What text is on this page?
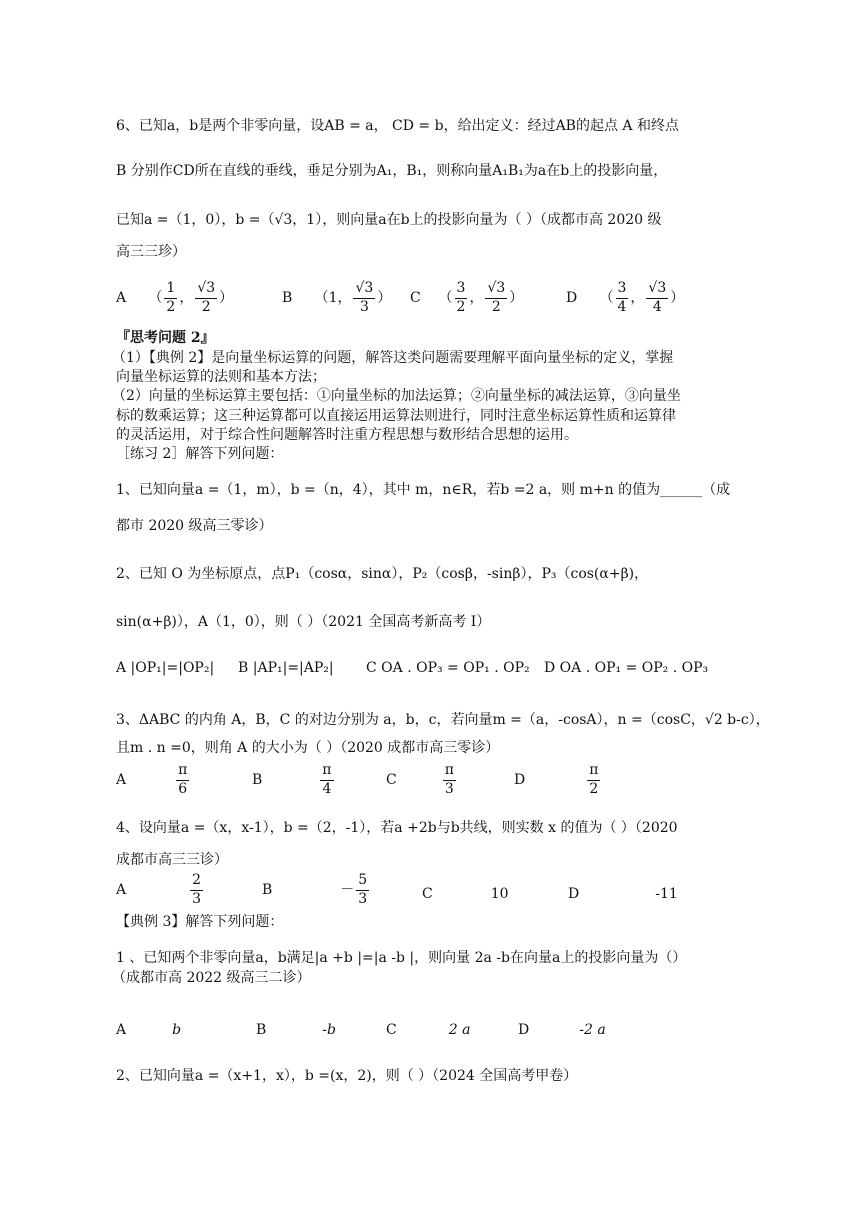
6、已知a，b是两个非零向量，设AB = a， CD = b，给出定义：经过AB的起点 A 和终点
B 分别作CD所在直线的垂线，垂足分别为A₁，B₁，则称向量A₁B₁为a在b上的投影向量，
已知a =（1，0），b =（√3，1），则向量a在b上的投影向量为（ ）（成都市高 2020 级
高三三珍）
A     （ $\frac{1}{2}$ ， $\frac{√3}{2}$ ）	B     （1， $\frac{√3}{3}$ ） C    （ $\frac{3}{2}$ ， $\frac{√3}{2}$ ）	D     （ $\frac{3}{4}$ ， $\frac{√3}{4}$ ）
『思考问题 2』
（1）【典例 2】是向量坐标运算的问题，解答这类问题需要理解平面向量坐标的定义，掌握
向量坐标运算的法则和基本方法；
（2）向量的坐标运算主要包括：①向量坐标的加法运算；②向量坐标的减法运算，③向量坐
标的数乘运算；这三种运算都可以直接运用运算法则进行，同时注意坐标运算性质和运算律
的灵活运用，对于综合性问题解答时注重方程思想与数形结合思想的运用。
［练习 2］解答下列问题：
1、已知向量a =（1，m），b =（n，4），其中 m，n∈R，若b =2 a，则 m+n 的值为______（成
都市 2020 级高三零诊）
2、已知 O 为坐标原点，点P₁（cosα，sinα），P₂（cosβ，-sinβ），P₃（cos(α+β)，
sin(α+β)），A（1，0），则（ ）（2021 全国高考新高考 I）
A |OP₁|=|OP₂| B |AP₁|=|AP₂| C OA . OP₃ = OP₁ . OP₂ D OA . OP₁ = OP₂ . OP₃
3、ΔABC 的内角 A，B，C 的对边分别为 a，b，c，若向量m =（a，-cosA），n =（cosC，√2 b-c），
且m . n =0，则角 A 的大小为（ ）（2020 成都市高三零诊）
A	$\frac{\pi}{6}$	B	$\frac{\pi}{4}$	C	$\frac{\pi}{3}$	D	$\frac{\pi}{2}$
4、设向量a =（x，x-1），b =（2，-1），若a +2b与b共线，则实数 x 的值为（ ）（2020
成都市高三三诊）
A	$\frac{2}{3}$	B	－ $\frac{5}{3}$	C	10	D	-11
【典例 3】解答下列问题：
1 、已知两个非零向量a，b满足|a +b |=|a -b |，则向量 2a -b在向量a上的投影向量为（）
（成都市高 2022 级高三二诊）
A	b	B	-b	C	2 a	D	-2 a
2、已知向量a =（x+1，x），b =(x，2)，则（ ）（2024 全国高考甲卷）
